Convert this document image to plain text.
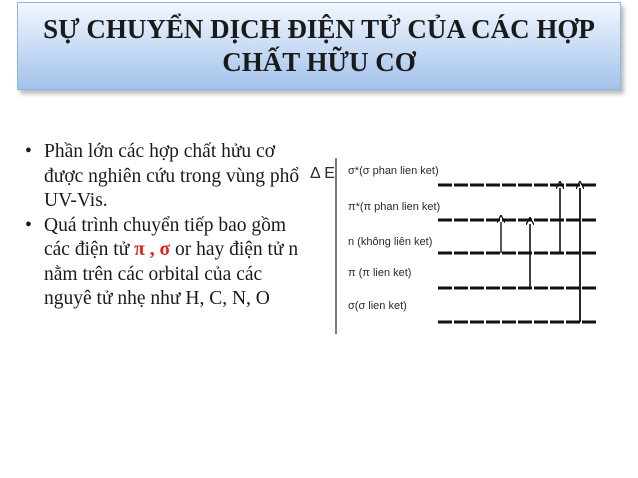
SỰ CHUYỂN DỊCH ĐIỆN TỬ CỦA CÁC HỢP
CHẤT HỮU CƠ
• Phần lớn các hợp chất hửu cơ được nghiên cứu trong vùng phổ UV-Vis.
• Quá trình chuyển tiếp bao gồm các điện tử π , σ or hay điện tử n nằm trên các orbital của các nguyê tử nhẹ như H, C, N, O
Δ E σ*(σ phan lien ket)
π*(π phan lien ket)
n (không liên ket)
π (π lien ket)
σ(σ lien ket)
